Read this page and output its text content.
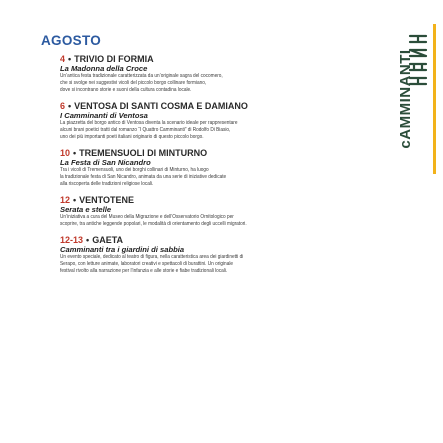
AGOSTO
4 • TRIVIO DI FORMIA
La Madonna della Croce
Un’antica festa tradizionale caratterizzata da un’originale sagra del cocomero,
che si svolge nei suggestivi vicoli del piccolo borgo collinare formiano,
dove si incontrano storie e suoni della cultura contadina locale.
6 • VENTOSA DI SANTI COSMA E DAMIANO
I Camminanti di Ventosa
La piazzetta del borgo antico di Ventosa diventa la scenario ideale per rappresentare
alcuni brani poetici tratti dal romanzo “I Quattro Camminanti” di Rodolfo Di Biasio,
uno dei più importanti poeti italiani originario di questo piccolo borgo.
10 • TREMENSUOLI DI MINTURNO
La Festa di San Nicandro
Tra i vicoli di Tremensuoli, uno dei borghi collinari di Minturno, ha luogo
la tradizionale festa di San Nicandro, animata da una serie di iniziative dedicate
alla riscoperta delle tradizioni religiose locali.
12 • VENTOTENE
Serata e stelle
Un’iniziativa a cura del Museo della Migrazione e dell’Osservatorio Ornitologico per
scoprire, tra antiche leggende popolari, le modalità di orientamento degli uccelli migratori.
12-13 • GAETA
Camminanti tra i giardini di sabbia
Un evento speciale, dedicato al teatro di figura, nella caratteristica area dei giardinetti di
Serapo, con letture animate, laboratori creativi e spettacoli di burattini. Un originale
festival rivolto alla narrazione per l’infanzia e alle storie e fiabe tradizionali locali.
cAMMINANTI
